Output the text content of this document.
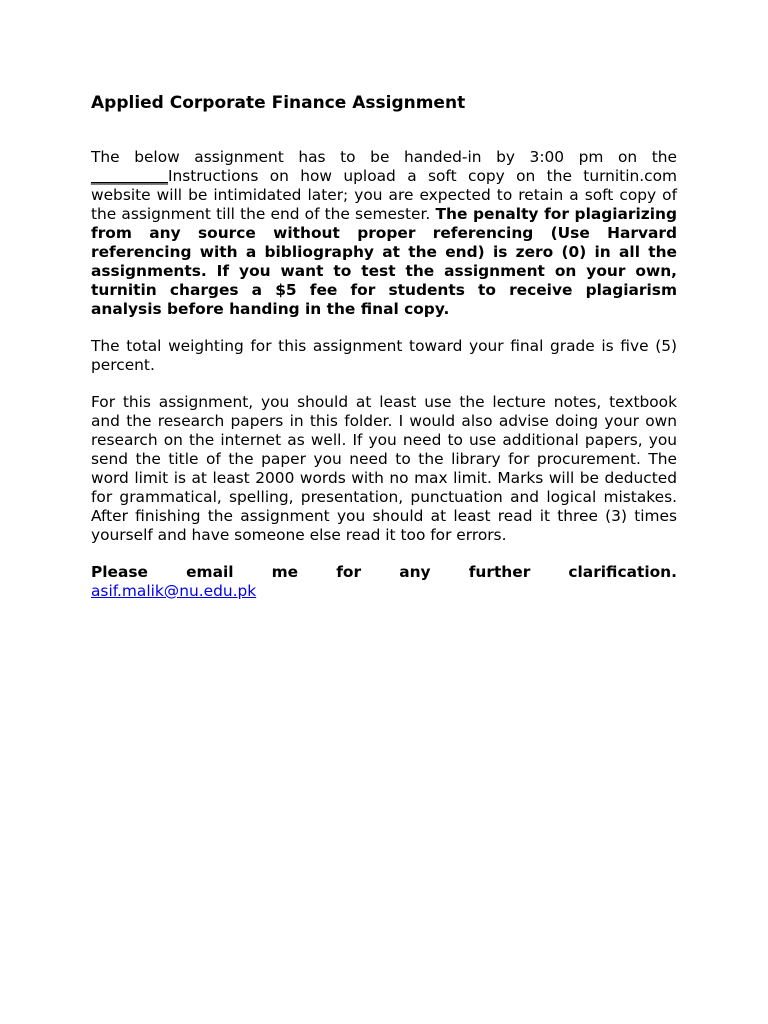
Applied Corporate Finance Assignment

The below assignment has to be handed-in by 3:00 pm on the __________Instructions on how upload a soft copy on the turnitin.com website will be intimidated later; you are expected to retain a soft copy of the assignment till the end of the semester. The penalty for plagiarizing from any source without proper referencing (Use Harvard referencing with a bibliography at the end) is zero (0) in all the assignments. If you want to test the assignment on your own, turnitin charges a $5 fee for students to receive plagiarism analysis before handing in the final copy.

The total weighting for this assignment toward your final grade is five (5) percent.

For this assignment, you should at least use the lecture notes, textbook and the research papers in this folder. I would also advise doing your own research on the internet as well. If you need to use additional papers, you send the title of the paper you need to the library for procurement. The word limit is at least 2000 words with no max limit. Marks will be deducted for grammatical, spelling, presentation, punctuation and logical mistakes. After finishing the assignment you should at least read it three (3) times yourself and have someone else read it too for errors.

Please email me for any further clarification.

asif.malik@nu.edu.pk
